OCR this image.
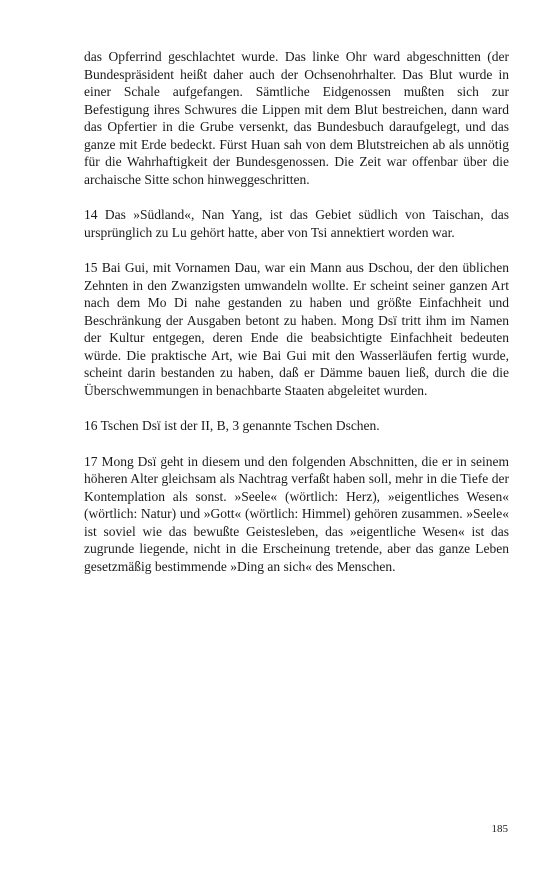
das Opferrind geschlachtet wurde. Das linke Ohr ward abgeschnitten (der Bundespräsident heißt daher auch der Ochsenohrhalter. Das Blut wurde in einer Schale aufgefangen. Sämtliche Eidgenossen mußten sich zur Befestigung ihres Schwures die Lippen mit dem Blut bestreichen, dann ward das Opfertier in die Grube versenkt, das Bundesbuch daraufgelegt, und das ganze mit Erde bedeckt. Fürst Huan sah von dem Blutstreichen ab als unnötig für die Wahrhaftigkeit der Bundesgenossen. Die Zeit war offenbar über die archaische Sitte schon hinweggeschritten.

14 Das »Südland«, Nan Yang, ist das Gebiet südlich von Taischan, das ursprünglich zu Lu gehört hatte, aber von Tsi annektiert worden war.

15 Bai Gui, mit Vornamen Dau, war ein Mann aus Dschou, der den üblichen Zehnten in den Zwanzigsten umwandeln wollte. Er scheint seiner ganzen Art nach dem Mo Di nahe gestanden zu haben und größte Einfachheit und Beschränkung der Ausgaben betont zu haben. Mong Dsï tritt ihm im Namen der Kultur entgegen, deren Ende die beabsichtigte Einfachheit bedeuten würde. Die praktische Art, wie Bai Gui mit den Wasserläufen fertig wurde, scheint darin bestanden zu haben, daß er Dämme bauen ließ, durch die die Überschwemmungen in benachbarte Staaten abgeleitet wurden.

16 Tschen Dsï ist der II, B, 3 genannte Tschen Dschen.

17 Mong Dsï geht in diesem und den folgenden Abschnitten, die er in seinem höheren Alter gleichsam als Nachtrag verfaßt haben soll, mehr in die Tiefe der Kontemplation als sonst. »Seele« (wörtlich: Herz), »eigentliches Wesen« (wörtlich: Natur) und »Gott« (wörtlich: Himmel) gehören zusammen. »Seele« ist soviel wie das bewußte Geistesleben, das »eigentliche Wesen« ist das zugrunde liegende, nicht in die Erscheinung tretende, aber das ganze Leben gesetzmäßig bestimmende »Ding an sich« des Menschen.

185
